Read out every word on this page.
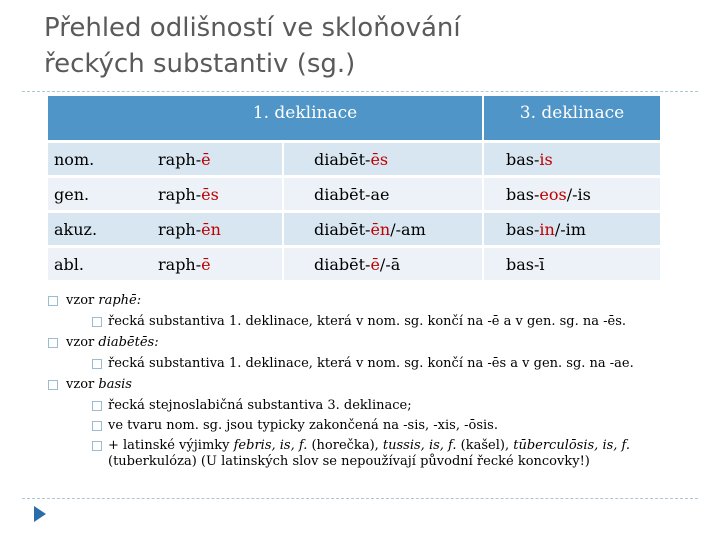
Přehled odlišností ve skloňování
řeckých substantiv (sg.)
	1. deklinace		3. deklinace
nom.	raph-ē	diabēt-ēs	bas-is
gen.	raph-ēs	diabēt-ae	bas-eos/-is
akuz.	raph-ēn	diabēt-ēn/-am	bas-in/-im
abl.	raph-ē	diabēt-ē/-ā	bas-ī
vzor raphē:
řecká substantiva 1. deklinace, která v nom. sg. končí na -ē a v gen. sg. na -ēs.
vzor diabētēs:
řecká substantiva 1. deklinace, která v nom. sg. končí na -ēs a v gen. sg. na -ae.
vzor basis
řecká stejnoslabičná substantiva 3. deklinace;
ve tvaru nom. sg. jsou typicky zakončená na -sis, -xis, -ōsis.
+ latinské výjimky febris, is, f. (horečka), tussis, is, f. (kašel), tūberculōsis, is, f. (tuberkulóza) (U latinských slov se nepoužívají původní řecké koncovky!)
